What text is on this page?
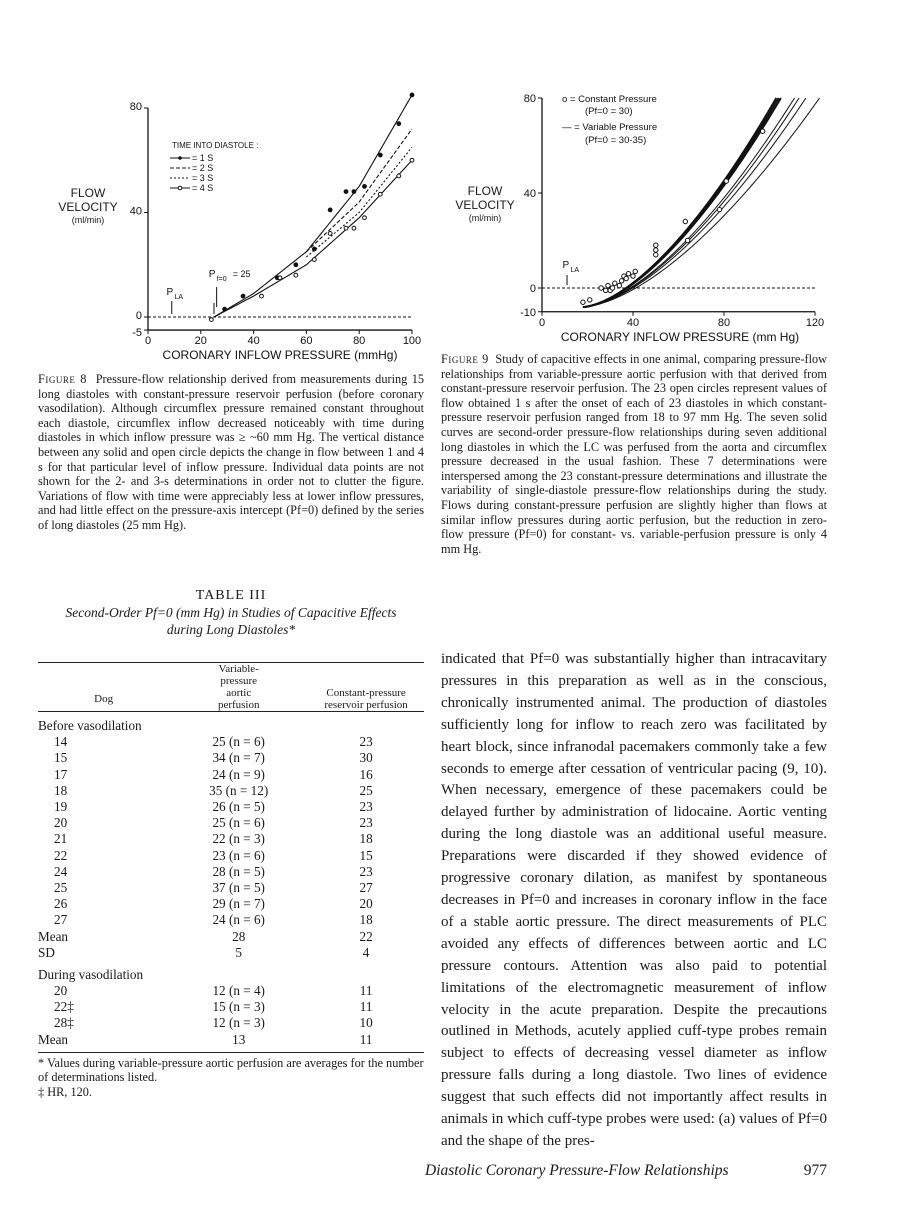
80
40
0
-5
0	20	40	60	80	100
CORONARY INFLOW PRESSURE (mmHg)
TIME INTO DIASTOLE :
= 1 S
= 2 S
= 3 S
= 4 S
P LA
P f=0
= 25
80
40
0
-10
0	40	80	120
CORONARY INFLOW PRESSURE (mm Hg)
o = Constant Pressure
(Pf=0 = 30)
— = Variable Pressure
(Pf=0 = 30-35)
P LA
FLOW VELOCITY
(ml/min)
FLOW VELOCITY
(ml/min)
Figure 8 Pressure-flow relationship derived from measurements during 15 long diastoles with constant-pressure reservoir perfusion (before coronary vasodilation). Although circumflex pressure remained constant throughout each diastole, circumflex inflow decreased noticeably with time during diastoles in which inflow pressure was ≥ ~60 mm Hg. The vertical distance between any solid and open circle depicts the change in flow between 1 and 4 s for that particular level of inflow pressure. Individual data points are not shown for the 2- and 3-s determinations in order not to clutter the figure. Variations of flow with time were appreciably less at lower inflow pressures, and had little effect on the pressure-axis intercept (Pf=0) defined by the series of long diastoles (25 mm Hg).
Figure 9 Study of capacitive effects in one animal, comparing pressure-flow relationships from variable-pressure aortic perfusion with that derived from constant-pressure reservoir perfusion. The 23 open circles represent values of flow obtained 1 s after the onset of each of 23 diastoles in which constant-pressure reservoir perfusion ranged from 18 to 97 mm Hg. The seven solid curves are second-order pressure-flow relationships during seven additional long diastoles in which the LC was perfused from the aorta and circumflex pressure decreased in the usual fashion. These 7 determinations were interspersed among the 23 constant-pressure determinations and illustrate the variability of single-diastole pressure-flow relationships during the study. Flows during constant-pressure perfusion are slightly higher than flows at similar inflow pressures during aortic perfusion, but the reduction in zero-flow pressure (Pf=0) for constant- vs. variable-perfusion pressure is only 4 mm Hg.
TABLE III
Second-Order Pf=0 (mm Hg) in Studies of Capacitive Effects during Long Diastoles*
Dog	Variable-pressure aortic perfusion	Constant-pressure reservoir perfusion
Before vasodilation		
14	25 (n = 6)	23
15	34 (n = 7)	30
17	24 (n = 9)	16
18	35 (n = 12)	25
19	26 (n = 5)	23
20	25 (n = 6)	23
21	22 (n = 3)	18
22	23 (n = 6)	15
24	28 (n = 5)	23
25	37 (n = 5)	27
26	29 (n = 7)	20
27	24 (n = 6)	18
Mean	28	22
SD	5	4
During vasodilation		
20	12 (n = 4)	11
22‡	15 (n = 3)	11
28‡	12 (n = 3)	10
Mean	13	11
* Values during variable-pressure aortic perfusion are averages for the number of determinations listed.
‡ HR, 120.
indicated that Pf=0 was substantially higher than intracavitary pressures in this preparation as well as in the conscious, chronically instrumented animal. The production of diastoles sufficiently long for inflow to reach zero was facilitated by heart block, since infranodal pacemakers commonly take a few seconds to emerge after cessation of ventricular pacing (9, 10). When necessary, emergence of these pacemakers could be delayed further by administration of lidocaine. Aortic venting during the long diastole was an additional useful measure. Preparations were discarded if they showed evidence of progressive coronary dilation, as manifest by spontaneous decreases in Pf=0 and increases in coronary inflow in the face of a stable aortic pressure. The direct measurements of PLC avoided any effects of differences between aortic and LC pressure contours. Attention was also paid to potential limitations of the electromagnetic measurement of inflow velocity in the acute preparation. Despite the precautions outlined in Methods, acutely applied cuff-type probes remain subject to effects of decreasing vessel diameter as inflow pressure falls during a long diastole. Two lines of evidence suggest that such effects did not importantly affect results in animals in which cuff-type probes were used: (a) values of Pf=0 and the shape of the pres-
Diastolic Coronary Pressure-Flow Relationships	977
